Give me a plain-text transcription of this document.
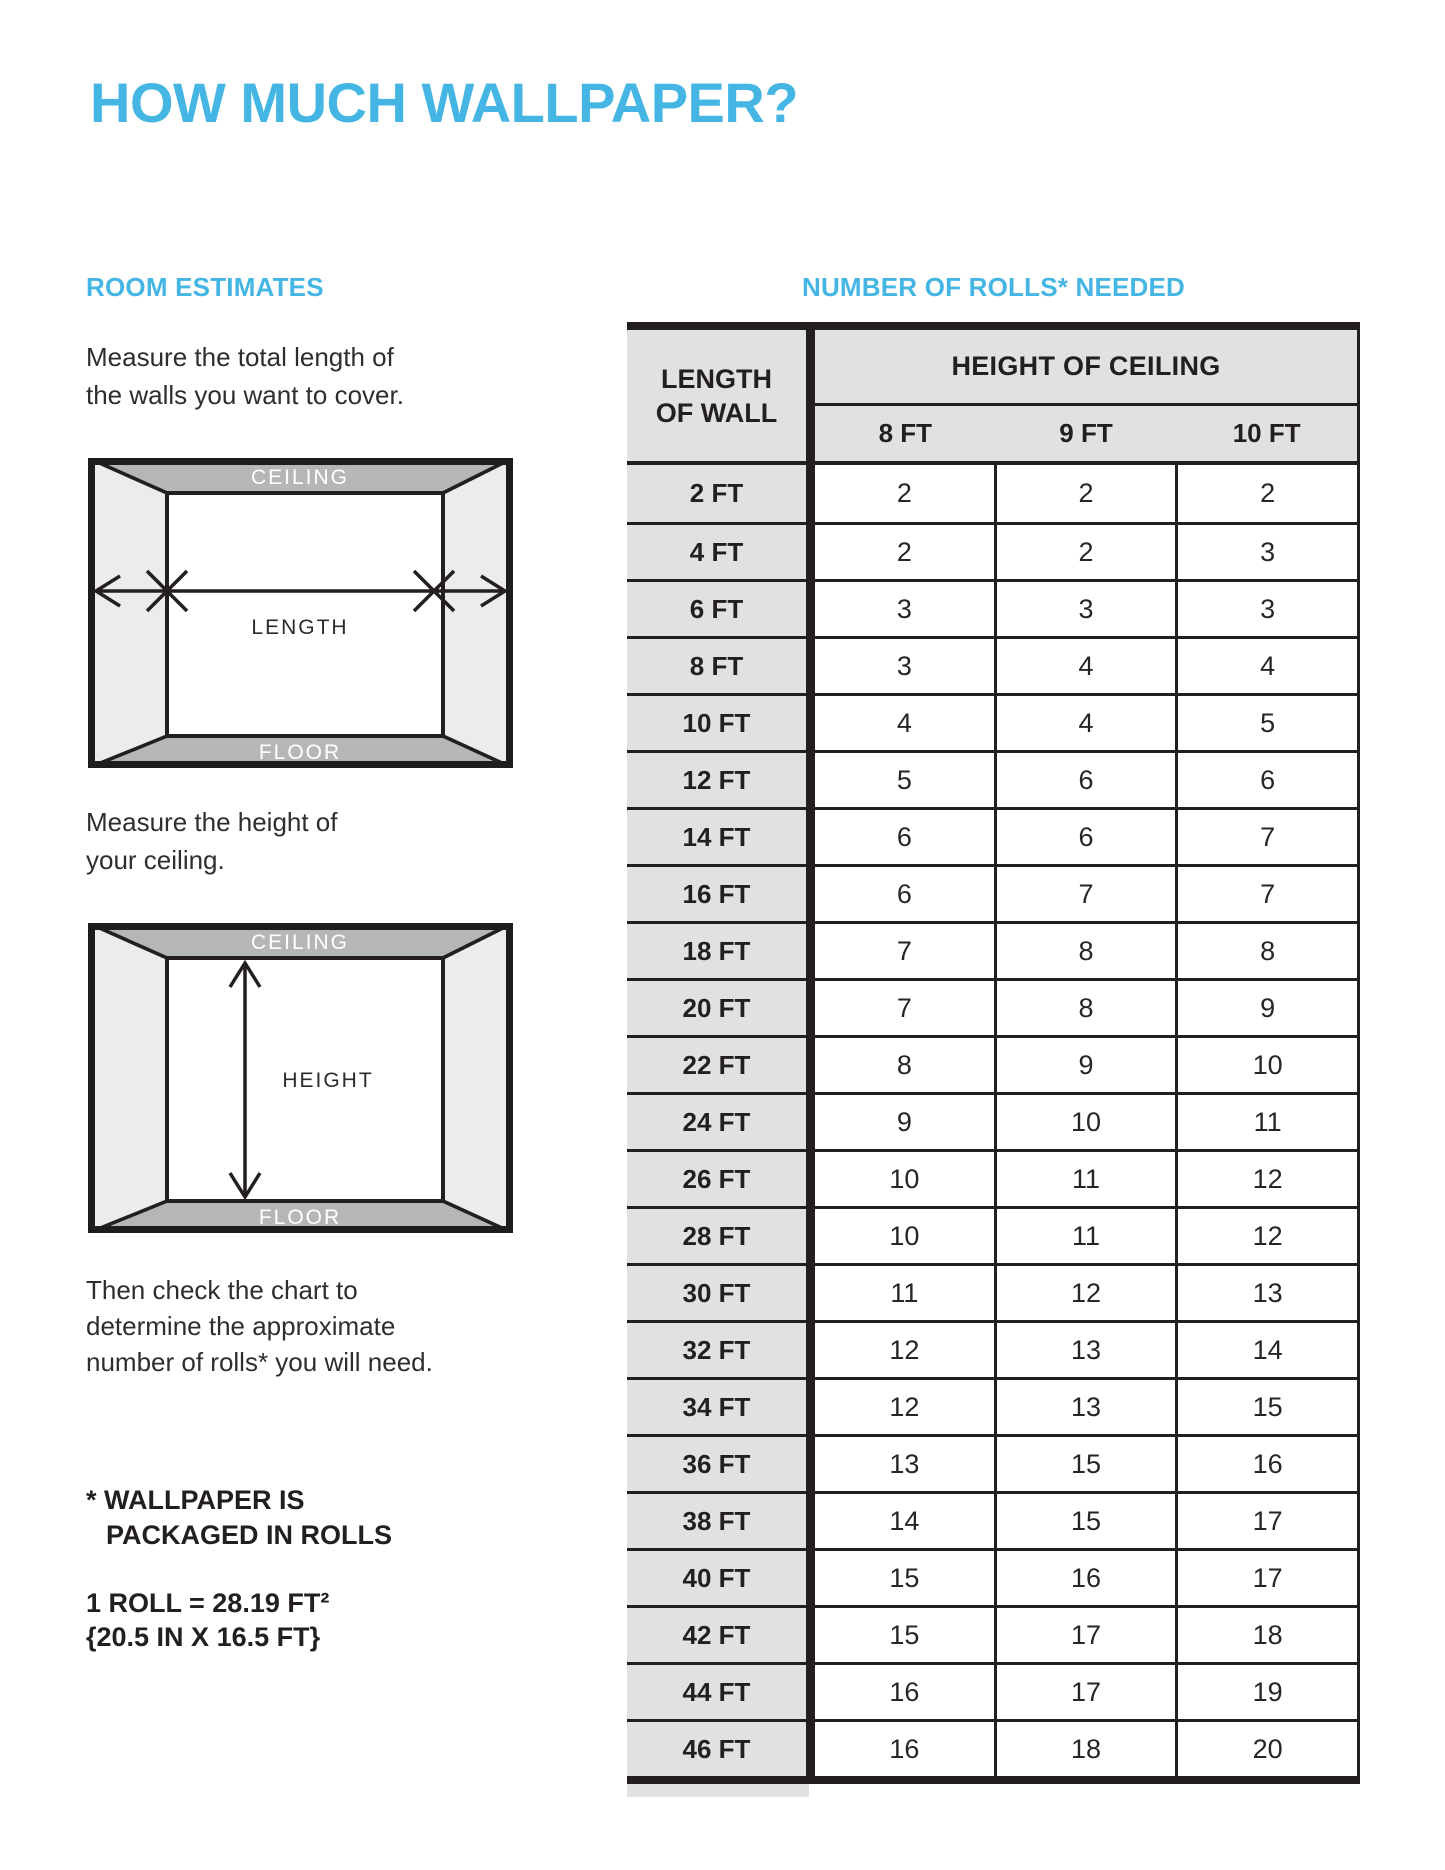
HOW MUCH WALLPAPER?
ROOM ESTIMATES	NUMBER OF ROLLS* NEEDED

Measure the total length of
the walls you want to cover.

CEILING
FLOOR
LENGTH

Measure the height of
your ceiling.

CEILING
FLOOR
HEIGHT

Then check the chart to
determine the approximate
number of rolls* you will need.

* WALLPAPER IS
PACKAGED IN ROLLS
1 ROLL = 28.19 FT²
{20.5 IN X 16.5 FT}
LENGTH
OF WALL
HEIGHT OF CEILING
8 FT	9 FT	10 FT
2 FT	2	2	2
4 FT	2	2	3
6 FT	3	3	3
8 FT	3	4	4
10 FT	4	4	5
12 FT	5	6	6
14 FT	6	6	7
16 FT	6	7	7
18 FT	7	8	8
20 FT	7	8	9
22 FT	8	9	10
24 FT	9	10	11
26 FT	10	11	12
28 FT	10	11	12
30 FT	11	12	13
32 FT	12	13	14
34 FT	12	13	15
36 FT	13	15	16
38 FT	14	15	17
40 FT	15	16	17
42 FT	15	17	18
44 FT	16	17	19
46 FT	16	18	20
